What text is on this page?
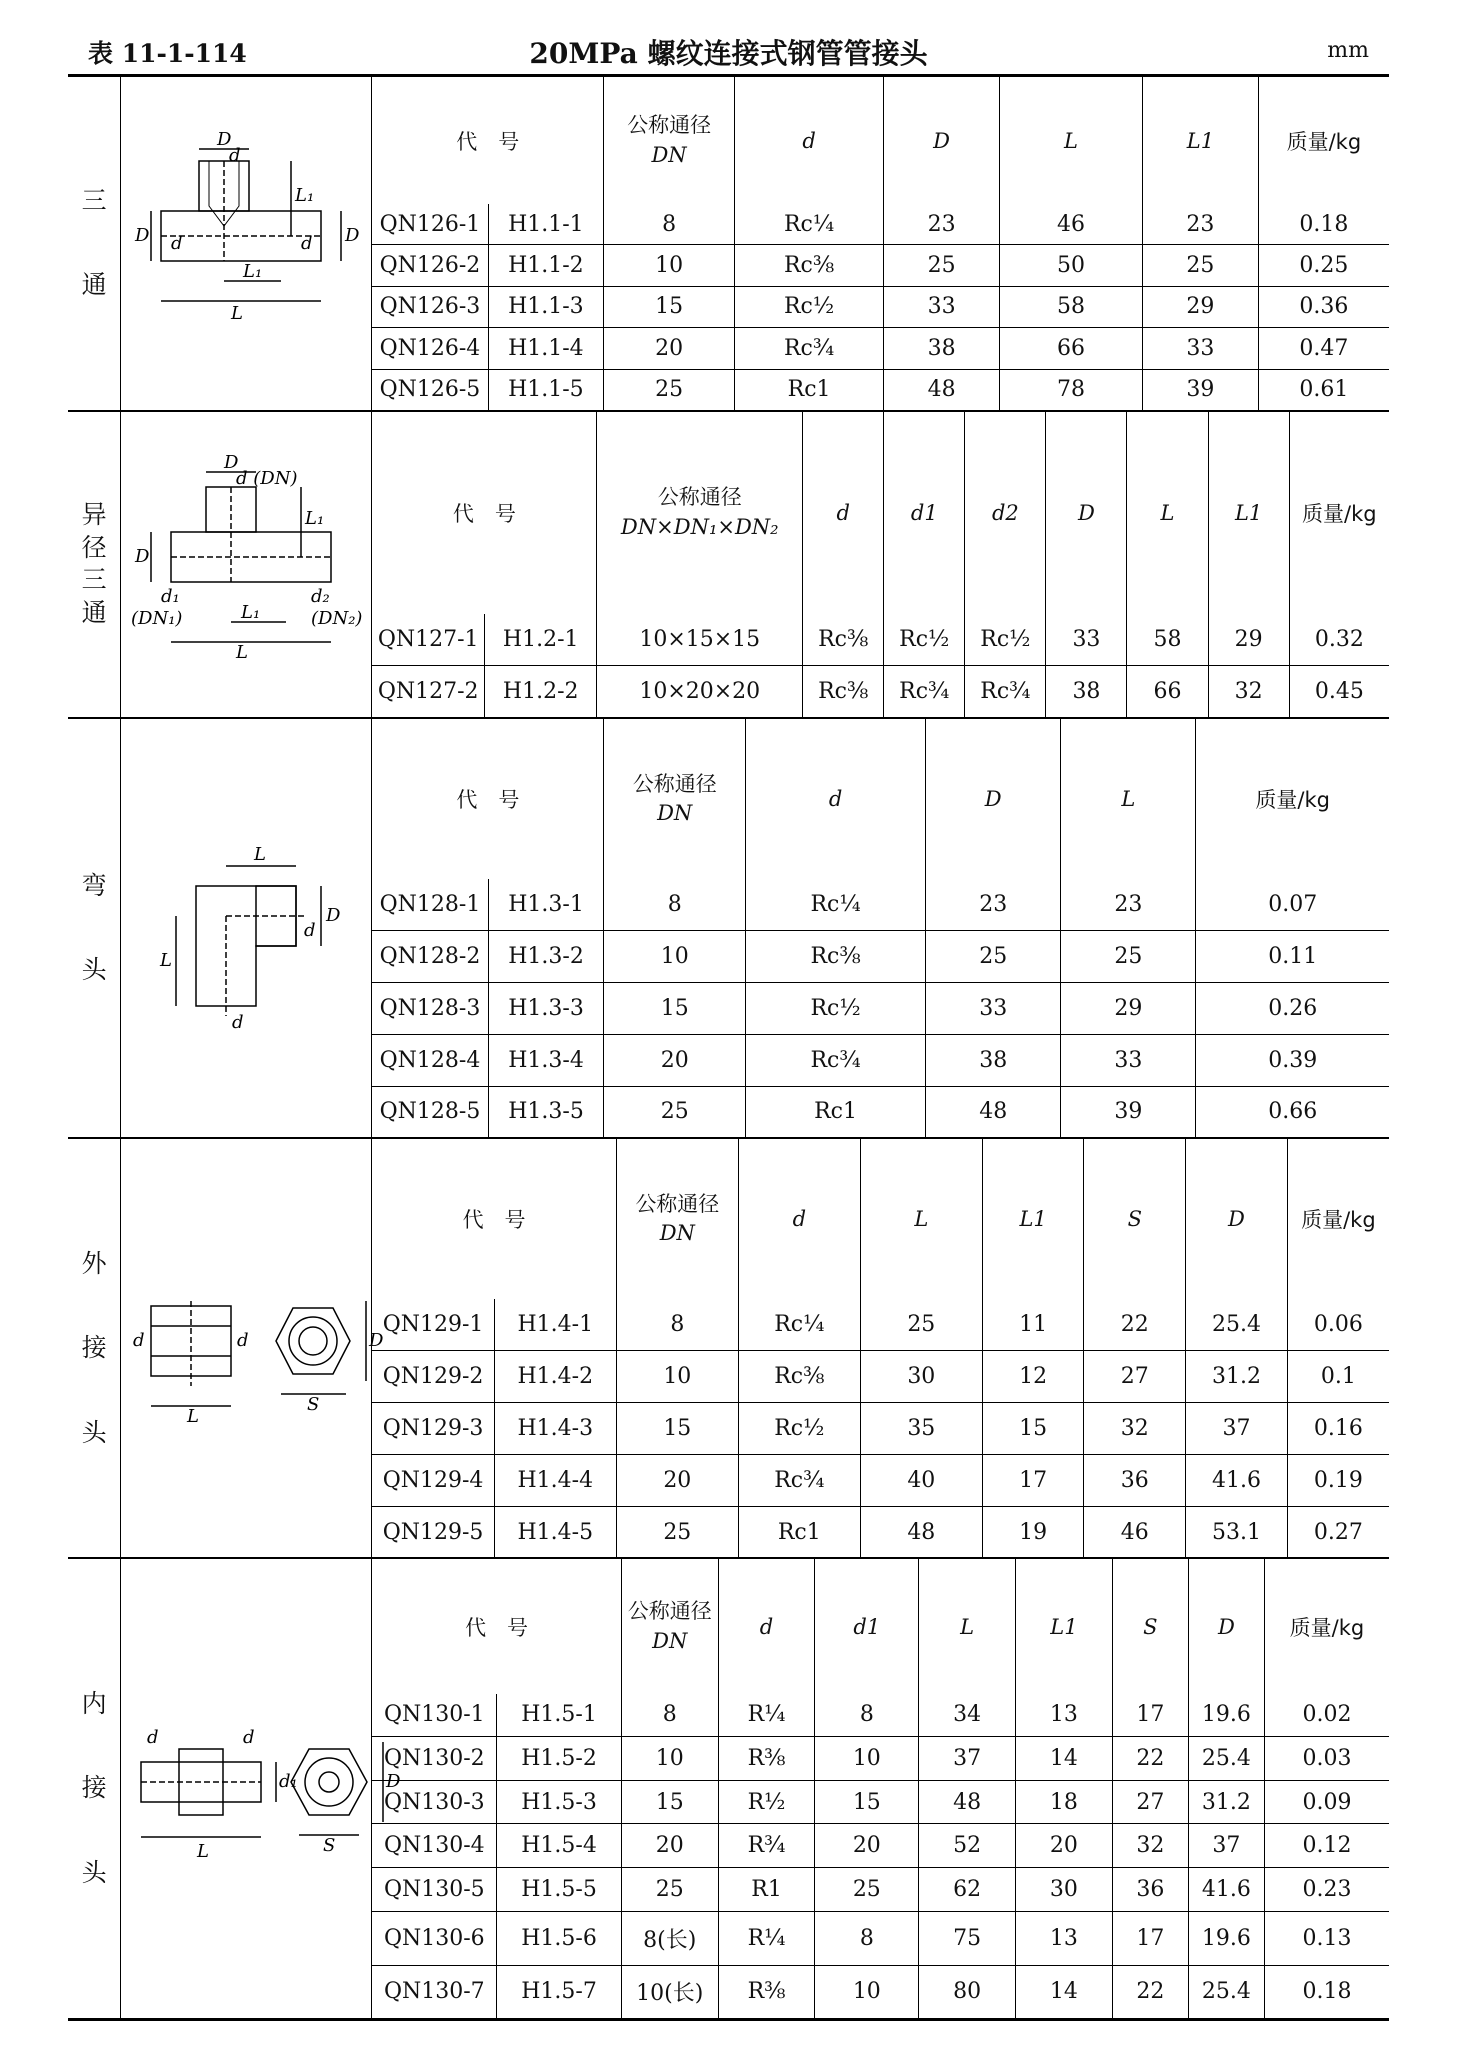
表 11-1-114	20MPa 螺纹连接式钢管管接头	mm
三
通

D
d
D d	d D
L
L₁
L₁

代　号	
公称通径
DN
	d	D	L	L1	质量/kg
QN126-1	H1.1-1	8	Rc¼	23	46	23	0.18
QN126-2	H1.1-2	10	Rc⅜	25	50	25	0.25
QN126-3	H1.1-3	15	Rc½	33	58	29	0.36
QN126-4	H1.1-4	20	Rc¾	38	66	33	0.47
QN126-5	H1.1-5	25	Rc1	48	78	39	0.61

异
径
三
通

D
d (DN)
D
d₁
(DN₁)
d₂
(DN₂)
L₁
L
L₁
		代　号	
公称通径
DN×DN₁×DN₂
	d	d1	d2	D	L	L1	质量/kg
QN127-1	H1.2-1	10×15×15	Rc⅜	Rc½	Rc½	33	58	29	0.32
QN127-2	H1.2-2	10×20×20	Rc⅜	Rc¾	Rc¾	38	66	32	0.45

弯
头

L
L
d
D
d

代　号	
公称通径
DN
	d	D	L	质量/kg
QN128-1	H1.3-1	8	Rc¼	23	23	0.07
QN128-2	H1.3-2	10	Rc⅜	25	25	0.11
QN128-3	H1.3-3	15	Rc½	33	29	0.26
QN128-4	H1.3-4	20	Rc¾	38	33	0.39
QN128-5	H1.3-5	25	Rc1	48	39	0.66

外
接
头

d	d
L
S
D

代　号	
公称通径
DN
	d	L	L1	S	D	质量/kg
QN129-1	H1.4-1	8	Rc¼	25	11	22	25.4	0.06
QN129-2	H1.4-2	10	Rc⅜	30	12	27	31.2	0.1
QN129-3	H1.4-3	15	Rc½	35	15	32	37	0.16
QN129-4	H1.4-4	20	Rc¾	40	17	36	41.6	0.19
QN129-5	H1.4-5	25	Rc1	48	19	46	53.1	0.27

内
接
头

d	d
d₁
L	S
D

代　号	
公称通径
DN
	d	d1	L	L1	S	D	质量/kg
QN130-1	H1.5-1	8	R¼	8	34	13	17	19.6	0.02
QN130-2	H1.5-2	10	R⅜	10	37	14	22	25.4	0.03
QN130-3	H1.5-3	15	R½	15	48	18	27	31.2	0.09
QN130-4	H1.5-4	20	R¾	20	52	20	32	37	0.12
QN130-5	H1.5-5	25	R1	25	62	30	36	41.6	0.23
QN130-6	H1.5-6	8(长)	R¼	8	75	13	17	19.6	0.13
QN130-7	H1.5-7	10(长)	R⅜	10	80	14	22	25.4	0.18
